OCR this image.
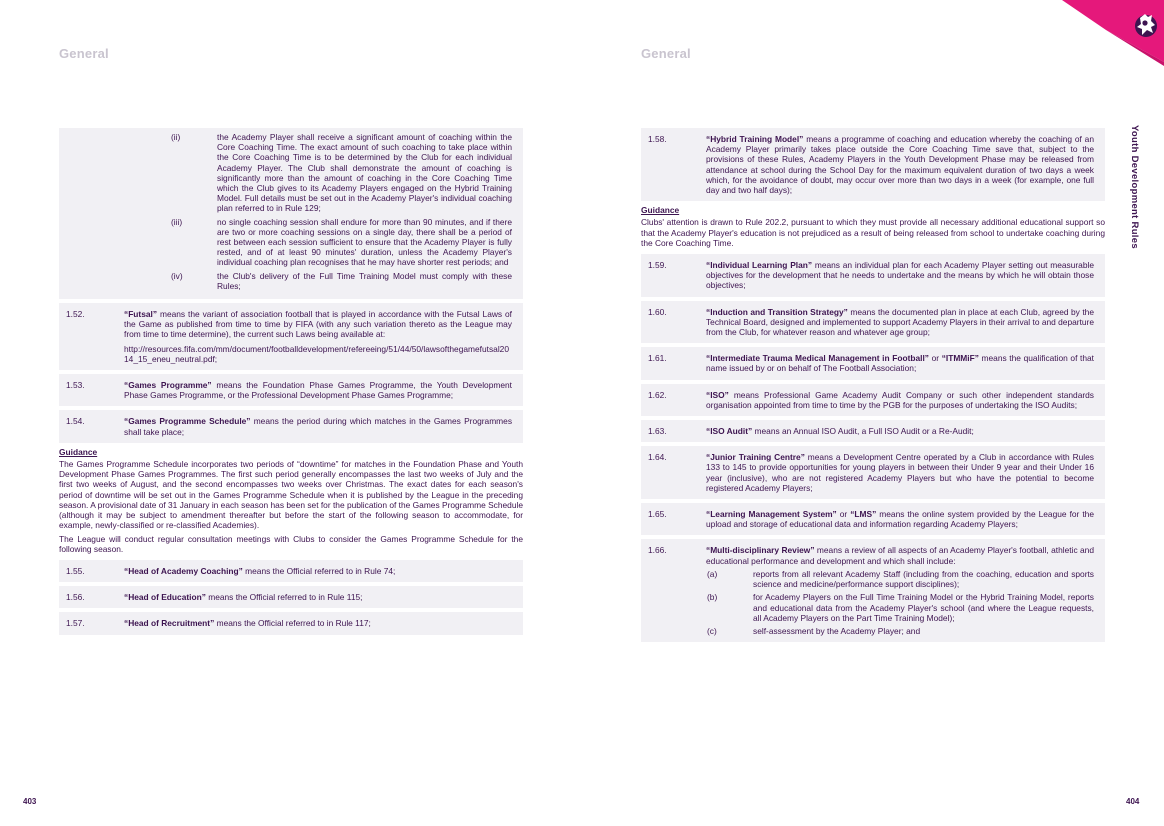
General	General
Youth Development Rules
(ii)	the Academy Player shall receive a significant amount of coaching within the Core Coaching Time. The exact amount of such coaching to take place within the Core Coaching Time is to be determined by the Club for each individual Academy Player. The Club shall demonstrate the amount of coaching is significantly more than the amount of coaching in the Core Coaching Time which the Club gives to its Academy Players engaged on the Hybrid Training Model. Full details must be set out in the Academy Player's individual coaching plan referred to in Rule 129;
(iii)	no single coaching session shall endure for more than 90 minutes, and if there are two or more coaching sessions on a single day, there shall be a period of rest between each session sufficient to ensure that the Academy Player is fully rested, and of at least 90 minutes' duration, unless the Academy Player's individual coaching plan recognises that he may have shorter rest periods; and
(iv)	the Club's delivery of the Full Time Training Model must comply with these Rules;
1.52.	“Futsal” means the variant of association football that is played in accordance with the Futsal Laws of the Game as published from time to time by FIFA (with any such variation thereto as the League may from time to time determine), the current such Laws being available at:
http://resources.fifa.com/mm/document/footballdevelopment/refereeing/51/44/50/lawsofthegamefutsal2014_15_eneu_neutral.pdf;
1.53.	“Games Programme” means the Foundation Phase Games Programme, the Youth Development Phase Games Programme, or the Professional Development Phase Games Programme;
1.54.	“Games Programme Schedule” means the period during which matches in the Games Programmes shall take place;
Guidance

The Games Programme Schedule incorporates two periods of “downtime” for matches in the Foundation Phase and Youth Development Phase Games Programmes. The first such period generally encompasses the last two weeks of July and the first two weeks of August, and the second encompasses two weeks over Christmas. The exact dates for each season's period of downtime will be set out in the Games Programme Schedule when it is published by the League in the preceding season. A provisional date of 31 January in each season has been set for the publication of the Games Programme Schedule (although it may be subject to amendment thereafter but before the start of the following season to accommodate, for example, newly-classified or re-classified Academies).

The League will conduct regular consultation meetings with Clubs to consider the Games Programme Schedule for the following season.

1.55.	“Head of Academy Coaching” means the Official referred to in Rule 74;
1.56.	“Head of Education” means the Official referred to in Rule 115;
1.57.	“Head of Recruitment” means the Official referred to in Rule 117;
1.58.	“Hybrid Training Model” means a programme of coaching and education whereby the coaching of an Academy Player primarily takes place outside the Core Coaching Time save that, subject to the provisions of these Rules, Academy Players in the Youth Development Phase may be released from attendance at school during the School Day for the maximum equivalent duration of two days a week which, for the avoidance of doubt, may occur over more than two days in a week (for example, one full day and two half days);
Guidance

Clubs' attention is drawn to Rule 202.2, pursuant to which they must provide all necessary additional educational support so that the Academy Player's education is not prejudiced as a result of being released from school to undertake coaching during the Core Coaching Time.

1.59.	“Individual Learning Plan” means an individual plan for each Academy Player setting out measurable objectives for the development that he needs to undertake and the means by which he will obtain those objectives;
1.60.	“Induction and Transition Strategy” means the documented plan in place at each Club, agreed by the Technical Board, designed and implemented to support Academy Players in their arrival to and departure from the Club, for whatever reason and whatever age group;
1.61.	“Intermediate Trauma Medical Management in Football” or “ITMMiF” means the qualification of that name issued by or on behalf of The Football Association;
1.62.	“ISO” means Professional Game Academy Audit Company or such other independent standards organisation appointed from time to time by the PGB for the purposes of undertaking the ISO Audits;
1.63.	“ISO Audit” means an Annual ISO Audit, a Full ISO Audit or a Re-Audit;
1.64.	“Junior Training Centre” means a Development Centre operated by a Club in accordance with Rules 133 to 145 to provide opportunities for young players in between their Under 9 year and their Under 16 year (inclusive), who are not registered Academy Players but who have the potential to become registered Academy Players;
1.65.	“Learning Management System” or “LMS” means the online system provided by the League for the upload and storage of educational data and information regarding Academy Players;
1.66.	“Multi-disciplinary Review” means a review of all aspects of an Academy Player's football, athletic and educational performance and development and which shall include:
(a)	reports from all relevant Academy Staff (including from the coaching, education and sports science and medicine/performance support disciplines);
(b)	for Academy Players on the Full Time Training Model or the Hybrid Training Model, reports and educational data from the Academy Player's school (and where the League requests, all Academy Players on the Part Time Training Model);
(c)	self-assessment by the Academy Player; and
403	404
